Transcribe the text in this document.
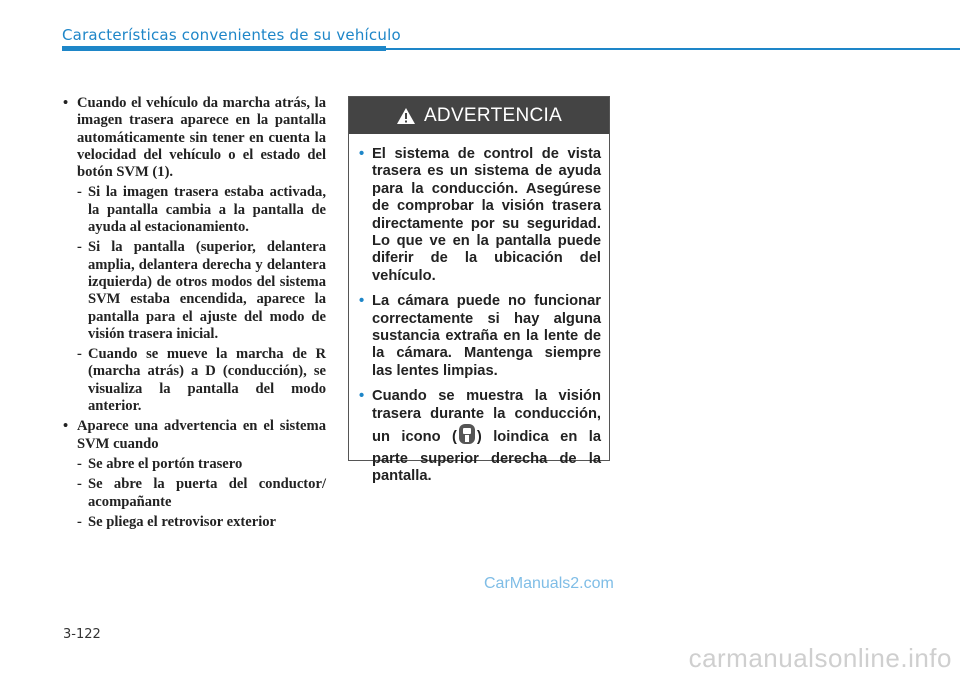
Características convenientes de su vehículo
• Cuando el vehículo da marcha atrás, la imagen trasera aparece en la pantalla automáticamente sin tener en cuenta la velocidad del vehículo o el estado del botón SVM (1).
- Si la imagen trasera estaba activada, la pantalla cambia a la pantalla de ayuda al estacionamiento.
- Si la pantalla (superior, delantera amplia, delantera derecha y delantera izquierda) de otros modos del sistema SVM estaba encendida, aparece la pantalla para el ajuste del modo de visión trasera inicial.
- Cuando se mueve la marcha de R (marcha atrás) a D (conducción), se visualiza la pantalla del modo anterior.
• Aparece una advertencia en el sistema SVM cuando
- Se abre el portón trasero
- Se abre la puerta del conductor/ acompañante
- Se pliega el retrovisor exterior
ADVERTENCIA
• El sistema de control de vista trasera es un sistema de ayuda para la conducción. Asegúrese de comprobar la visión trasera directamente por su seguridad. Lo que ve en la pantalla puede diferir de la ubicación del vehículo.
• La cámara puede no funcionar correctamente si hay alguna sustancia extraña en la lente de la cámara. Mantenga siempre las lentes limpias.
• Cuando se muestra la visión trasera durante la conducción, un icono ( ) loindica en la parte superior derecha de la pantalla.
CarManuals2.com
3-122
carmanualsonline.info
